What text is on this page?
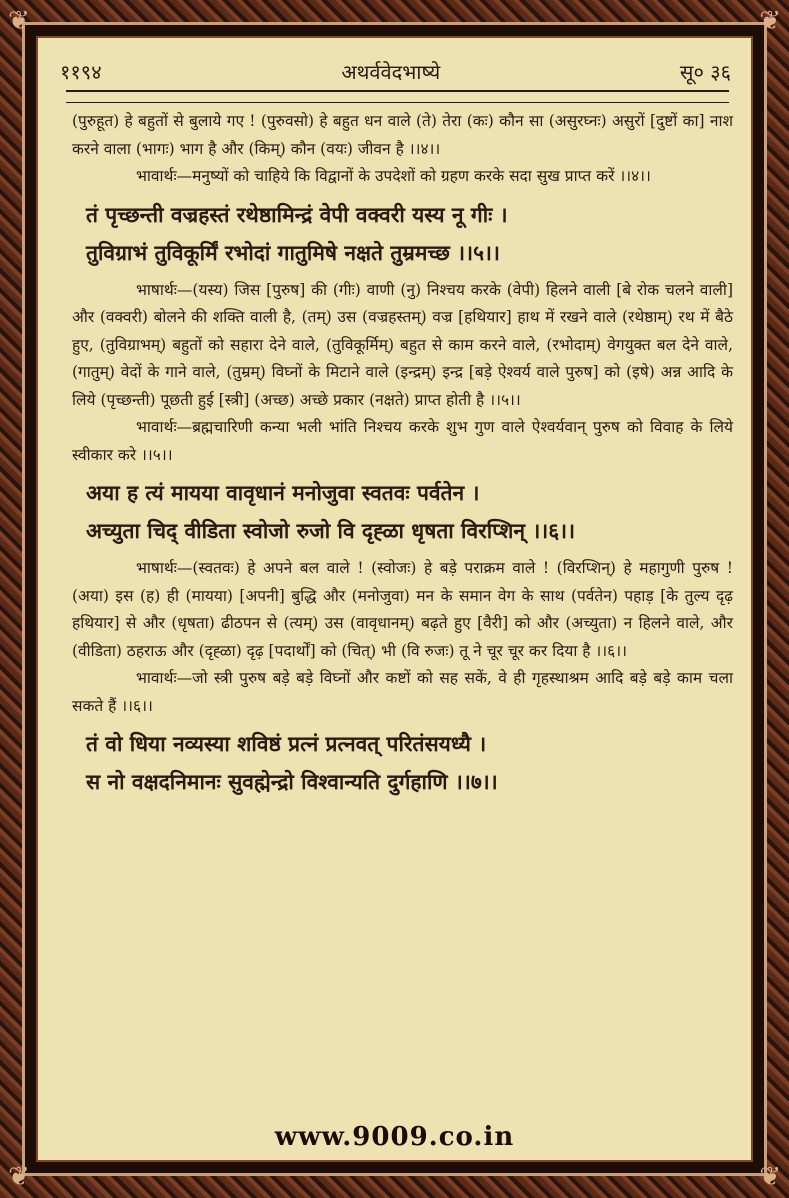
❦	❦
❦	❦
११९४	अथर्ववेदभाष्ये	सू० ३६

(पुरुहूत) हे बहुतों से बुलाये गए ! (पुरुवसो) हे बहुत धन वाले (ते) तेरा (कः) कौन सा (असुरघ्नः) असुरों [दुष्टों का] नाश करने वाला (भागः) भाग है और (किम्) कौन (वयः) जीवन है ।।४।।

भावार्थः—मनुष्यों को चाहिये कि विद्वानों के उपदेशों को ग्रहण करके सदा सुख प्राप्त करें ।।४।।

तं पृच्छन्ती वज्रहस्तं रथेष्ठामिन्द्रं वेपी वक्वरी यस्य नू गीः ।

तुविग्राभं तुविकूर्मिं रभोदां गातुमिषे नक्षते तुम्रमच्छ ।।५।।

भाषार्थः—(यस्य) जिस [पुरुष] की (गीः) वाणी (नु) निश्चय करके (वेपी) हिलने वाली [बे रोक चलने वाली] और (वक्वरी) बोलने की शक्ति वाली है, (तम्) उस (वज्रहस्तम्) वज्र [हथियार] हाथ में रखने वाले (रथेष्ठाम्) रथ में बैठे हुए, (तुविग्राभम्) बहुतों को सहारा देने वाले, (तुविकूर्मिम्) बहुत से काम करने वाले, (रभोदाम्) वेगयुक्त बल देने वाले, (गातुम्) वेदों के गाने वाले, (तुम्रम्) विघ्नों के मिटाने वाले (इन्द्रम्) इन्द्र [बड़े ऐश्वर्य वाले पुरुष] को (इषे) अन्न आदि के लिये (पृच्छन्ती) पूछती हुई [स्त्री] (अच्छ) अच्छे प्रकार (नक्षते) प्राप्त होती है ।।५।।

भावार्थः—ब्रह्मचारिणी कन्या भली भांति निश्चय करके शुभ गुण वाले ऐश्वर्यवान् पुरुष को विवाह के लिये स्वीकार करे ।।५।।

अया ह त्यं मायया वावृधानं मनोजुवा स्वतवः पर्वतेन ।

अच्युता चिद् वीडिता स्वोजो रुजो वि दृह्ळा धृषता विरप्शिन् ।।६।।

भाषार्थः—(स्वतवः) हे अपने बल वाले ! (स्वोजः) हे बड़े पराक्रम वाले ! (विरप्शिन्) हे महागुणी पुरुष ! (अया) इस (ह) ही (मायया) [अपनी] बुद्धि और (मनोजुवा) मन के समान वेग के साथ (पर्वतेन) पहाड़ [के तुल्य दृढ़ हथियार] से और (धृषता) ढीठपन से (त्यम्) उस (वावृधानम्) बढ़ते हुए [वैरी] को और (अच्युता) न हिलने वाले, और (वीडिता) ठहराऊ और (दृह्ळा) दृढ़ [पदार्थों] को (चित्) भी (वि रुजः) तू ने चूर चूर कर दिया है ।।६।।

भावार्थः—जो स्त्री पुरुष बड़े बड़े विघ्नों और कष्टों को सह सकें, वे ही गृहस्थाश्रम आदि बड़े बड़े काम चला सकते हैं ।।६।।

तं वो धिया नव्यस्या शविष्ठं प्रत्नं प्रत्नवत् परितंसयध्यै ।

स नो वक्षदनिमानः सुवह्मेन्द्रो विश्वान्यति दुर्गहाणि ।।७।।

www.9009.co.in
